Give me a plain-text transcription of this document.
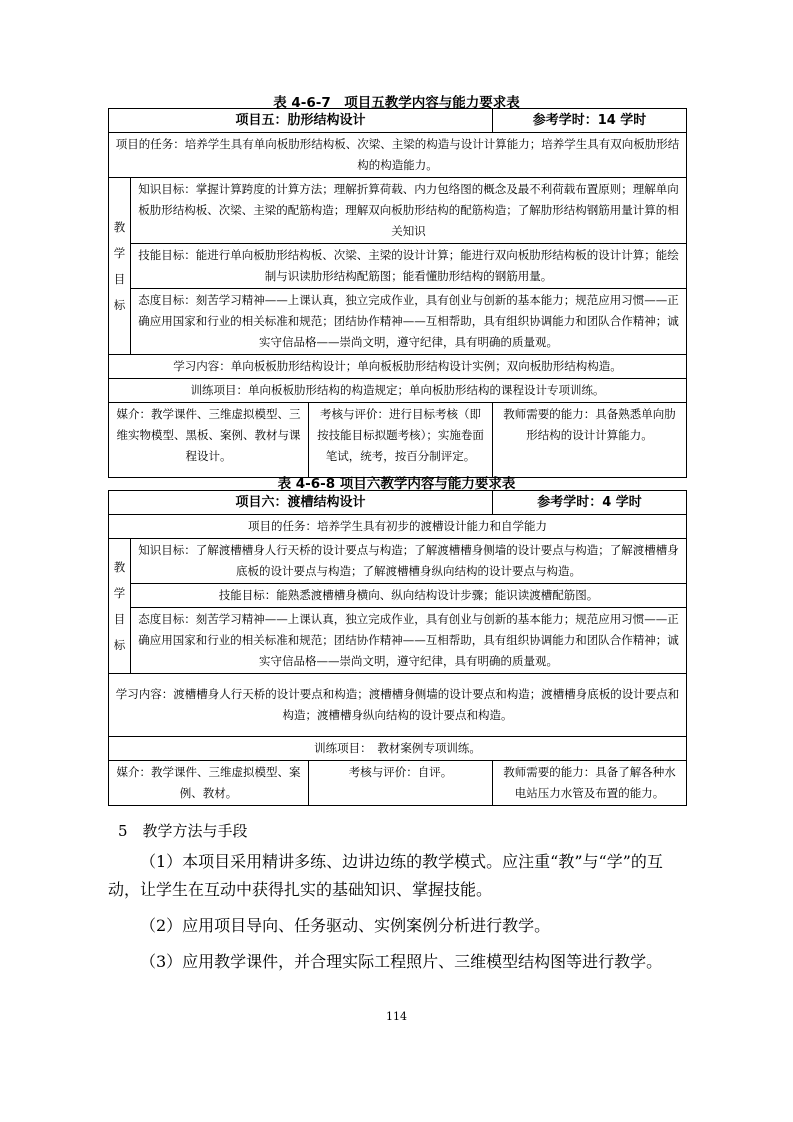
表 4-6-7　项目五教学内容与能力要求表
项目五：肋形结构设计			参考学时：14 学时
项目的任务：培养学生具有单向板肋形结构板、次梁、主梁的构造与设计计算能力；培养学生具有双向板肋形结构的构造能力。			

教
学
目
标	知识目标：掌握计算跨度的计算方法；理解折算荷载、内力包络图的概念及最不利荷载布置原则；理解单向板肋形结构板、次梁、主梁的配筋构造；理解双向板肋形结构的配筋构造；了解肋形结构钢筋用量计算的相关知识		
	技能目标：能进行单向板肋形结构板、次梁、主梁的设计计算；能进行双向板肋形结构板的设计计算；能绘制与识读肋形结构配筋图；能看懂肋形结构的钢筋用量。		
	态度目标：刻苦学习精神——上课认真，独立完成作业，具有创业与创新的基本能力；规范应用习惯——正确应用国家和行业的相关标准和规范；团结协作精神——互相帮助，具有组织协调能力和团队合作精神；诚实守信品格——崇尚文明，遵守纪律，具有明确的质量观。		
学习内容：单向板板肋形结构设计；单向板板肋形结构设计实例；双向板肋形结构构造。			
训练项目：单向板板肋形结构的构造规定；单向板肋形结构的课程设计专项训练。			
媒介：教学课件、三维虚拟模型、三维实物模型、黑板、案例、教材与课程设计。		考核与评价：进行目标考核（即按技能目标拟题考核）；实施卷面笔试，统考，按百分制评定。	教师需要的能力：具备熟悉单向肋形结构的设计计算能力。
表 4-6-8 项目六教学内容与能力要求表
项目六：渡槽结构设计			参考学时：4 学时
项目的任务：培养学生具有初步的渡槽设计能力和自学能力			

教
学
目
标	知识目标：了解渡槽槽身人行天桥的设计要点与构造；了解渡槽槽身侧墙的设计要点与构造；了解渡槽槽身底板的设计要点与构造；了解渡槽槽身纵向结构的设计要点与构造。		
	技能目标：能熟悉渡槽槽身横向、纵向结构设计步骤；能识读渡槽配筋图。		
	态度目标：刻苦学习精神——上课认真，独立完成作业，具有创业与创新的基本能力；规范应用习惯——正确应用国家和行业的相关标准和规范；团结协作精神——互相帮助，具有组织协调能力和团队合作精神；诚实守信品格——崇尚文明，遵守纪律，具有明确的质量观。		
学习内容：渡槽槽身人行天桥的设计要点和构造；渡槽槽身侧墙的设计要点和构造；渡槽槽身底板的设计要点和构造；渡槽槽身纵向结构的设计要点和构造。			
训练项目：　教材案例专项训练。			
媒介：教学课件、三维虚拟模型、案例、教材。		考核与评价：自评。	教师需要的能力：具备了解各种水电站压力水管及布置的能力。
5　教学方法与手段
（1）本项目采用精讲多练、边讲边练的教学模式。应注重“教”与“学”的互动，让学生在互动中获得扎实的基础知识、掌握技能。
（2）应用项目导向、任务驱动、实例案例分析进行教学。
（3）应用教学课件，并合理实际工程照片、三维模型结构图等进行教学。
114
